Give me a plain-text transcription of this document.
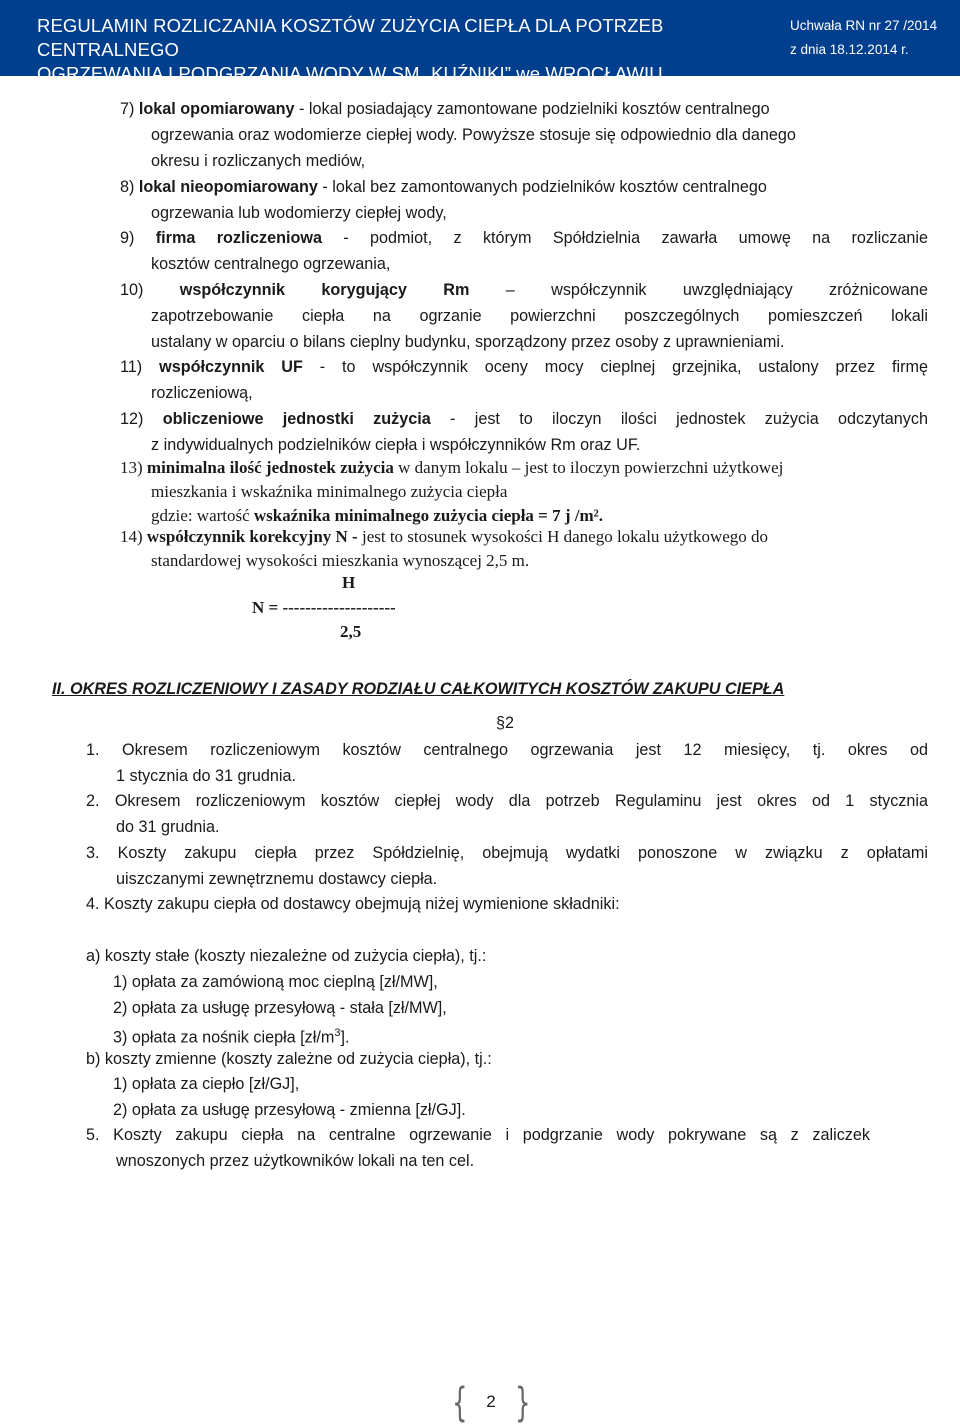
REGULAMIN ROZLICZANIA KOSZTÓW ZUŻYCIA CIEPŁA DLA POTRZEB CENTRALNEGO
OGRZEWANIA I PODGRZANIA WODY W SM „KUŹNIKI” we WROCŁAWIU
Uchwała RN nr 27 /2014
z dnia 18.12.2014 r.
7) lokal opomiarowany - lokal posiadający zamontowane podzielniki kosztów centralnego
ogrzewania oraz wodomierze ciepłej wody. Powyższe stosuje się odpowiednio dla danego
okresu i rozliczanych mediów,
8) lokal nieopomiarowany - lokal bez zamontowanych podzielników kosztów centralnego
ogrzewania lub wodomierzy ciepłej wody,
9) firma rozliczeniowa - podmiot, z którym Spółdzielnia zawarła umowę na rozliczanie
kosztów centralnego ogrzewania,
10) współczynnik korygujący Rm – współczynnik uwzględniający zróżnicowane
zapotrzebowanie ciepła na ogrzanie powierzchni poszczególnych pomieszczeń lokali
ustalany w oparciu o bilans cieplny budynku, sporządzony przez osoby z uprawnieniami.
11) współczynnik UF - to współczynnik oceny mocy cieplnej grzejnika, ustalony przez firmę
rozliczeniową,
12) obliczeniowe jednostki zużycia - jest to iloczyn ilości jednostek zużycia odczytanych
z indywidualnych podzielników ciepła i współczynników Rm oraz UF.
13) minimalna ilość jednostek zużycia w danym lokalu – jest to iloczyn powierzchni użytkowej
mieszkania i wskaźnika minimalnego zużycia ciepła
gdzie: wartość wskaźnika minimalnego zużycia ciepła = 7 j /m².
14) współczynnik korekcyjny N - jest to stosunek wysokości H danego lokalu użytkowego do
standardowej wysokości mieszkania wynoszącej 2,5 m.
H
N = --------------------
2,5
II. OKRES ROZLICZENIOWY I ZASADY RODZIAŁU CAŁKOWITYCH KOSZTÓW ZAKUPU CIEPŁA
§2
1. Okresem rozliczeniowym kosztów centralnego ogrzewania jest 12 miesięcy, tj. okres od
1 stycznia do 31 grudnia.
2. Okresem rozliczeniowym kosztów ciepłej wody dla potrzeb Regulaminu jest okres od 1 stycznia
do 31 grudnia.
3. Koszty zakupu ciepła przez Spółdzielnię, obejmują wydatki ponoszone w związku z opłatami
uiszczanymi zewnętrznemu dostawcy ciepła.
4. Koszty zakupu ciepła od dostawcy obejmują niżej wymienione składniki:
a) koszty stałe (koszty niezależne od zużycia ciepła), tj.:
1) opłata za zamówioną moc cieplną [zł/MW],
2) opłata za usługę przesyłową - stała [zł/MW],
3) opłata za nośnik ciepła $[zł/m^3]$.
b) koszty zmienne (koszty zależne od zużycia ciepła), tj.:
1) opłata za ciepło [zł/GJ],
2) opłata za usługę przesyłową - zmienna [zł/GJ].
5. Koszty zakupu ciepła na centralne ogrzewanie i podgrzanie wody pokrywane są z zaliczek
wnoszonych przez użytkowników lokali na ten cel.
{	2 }
